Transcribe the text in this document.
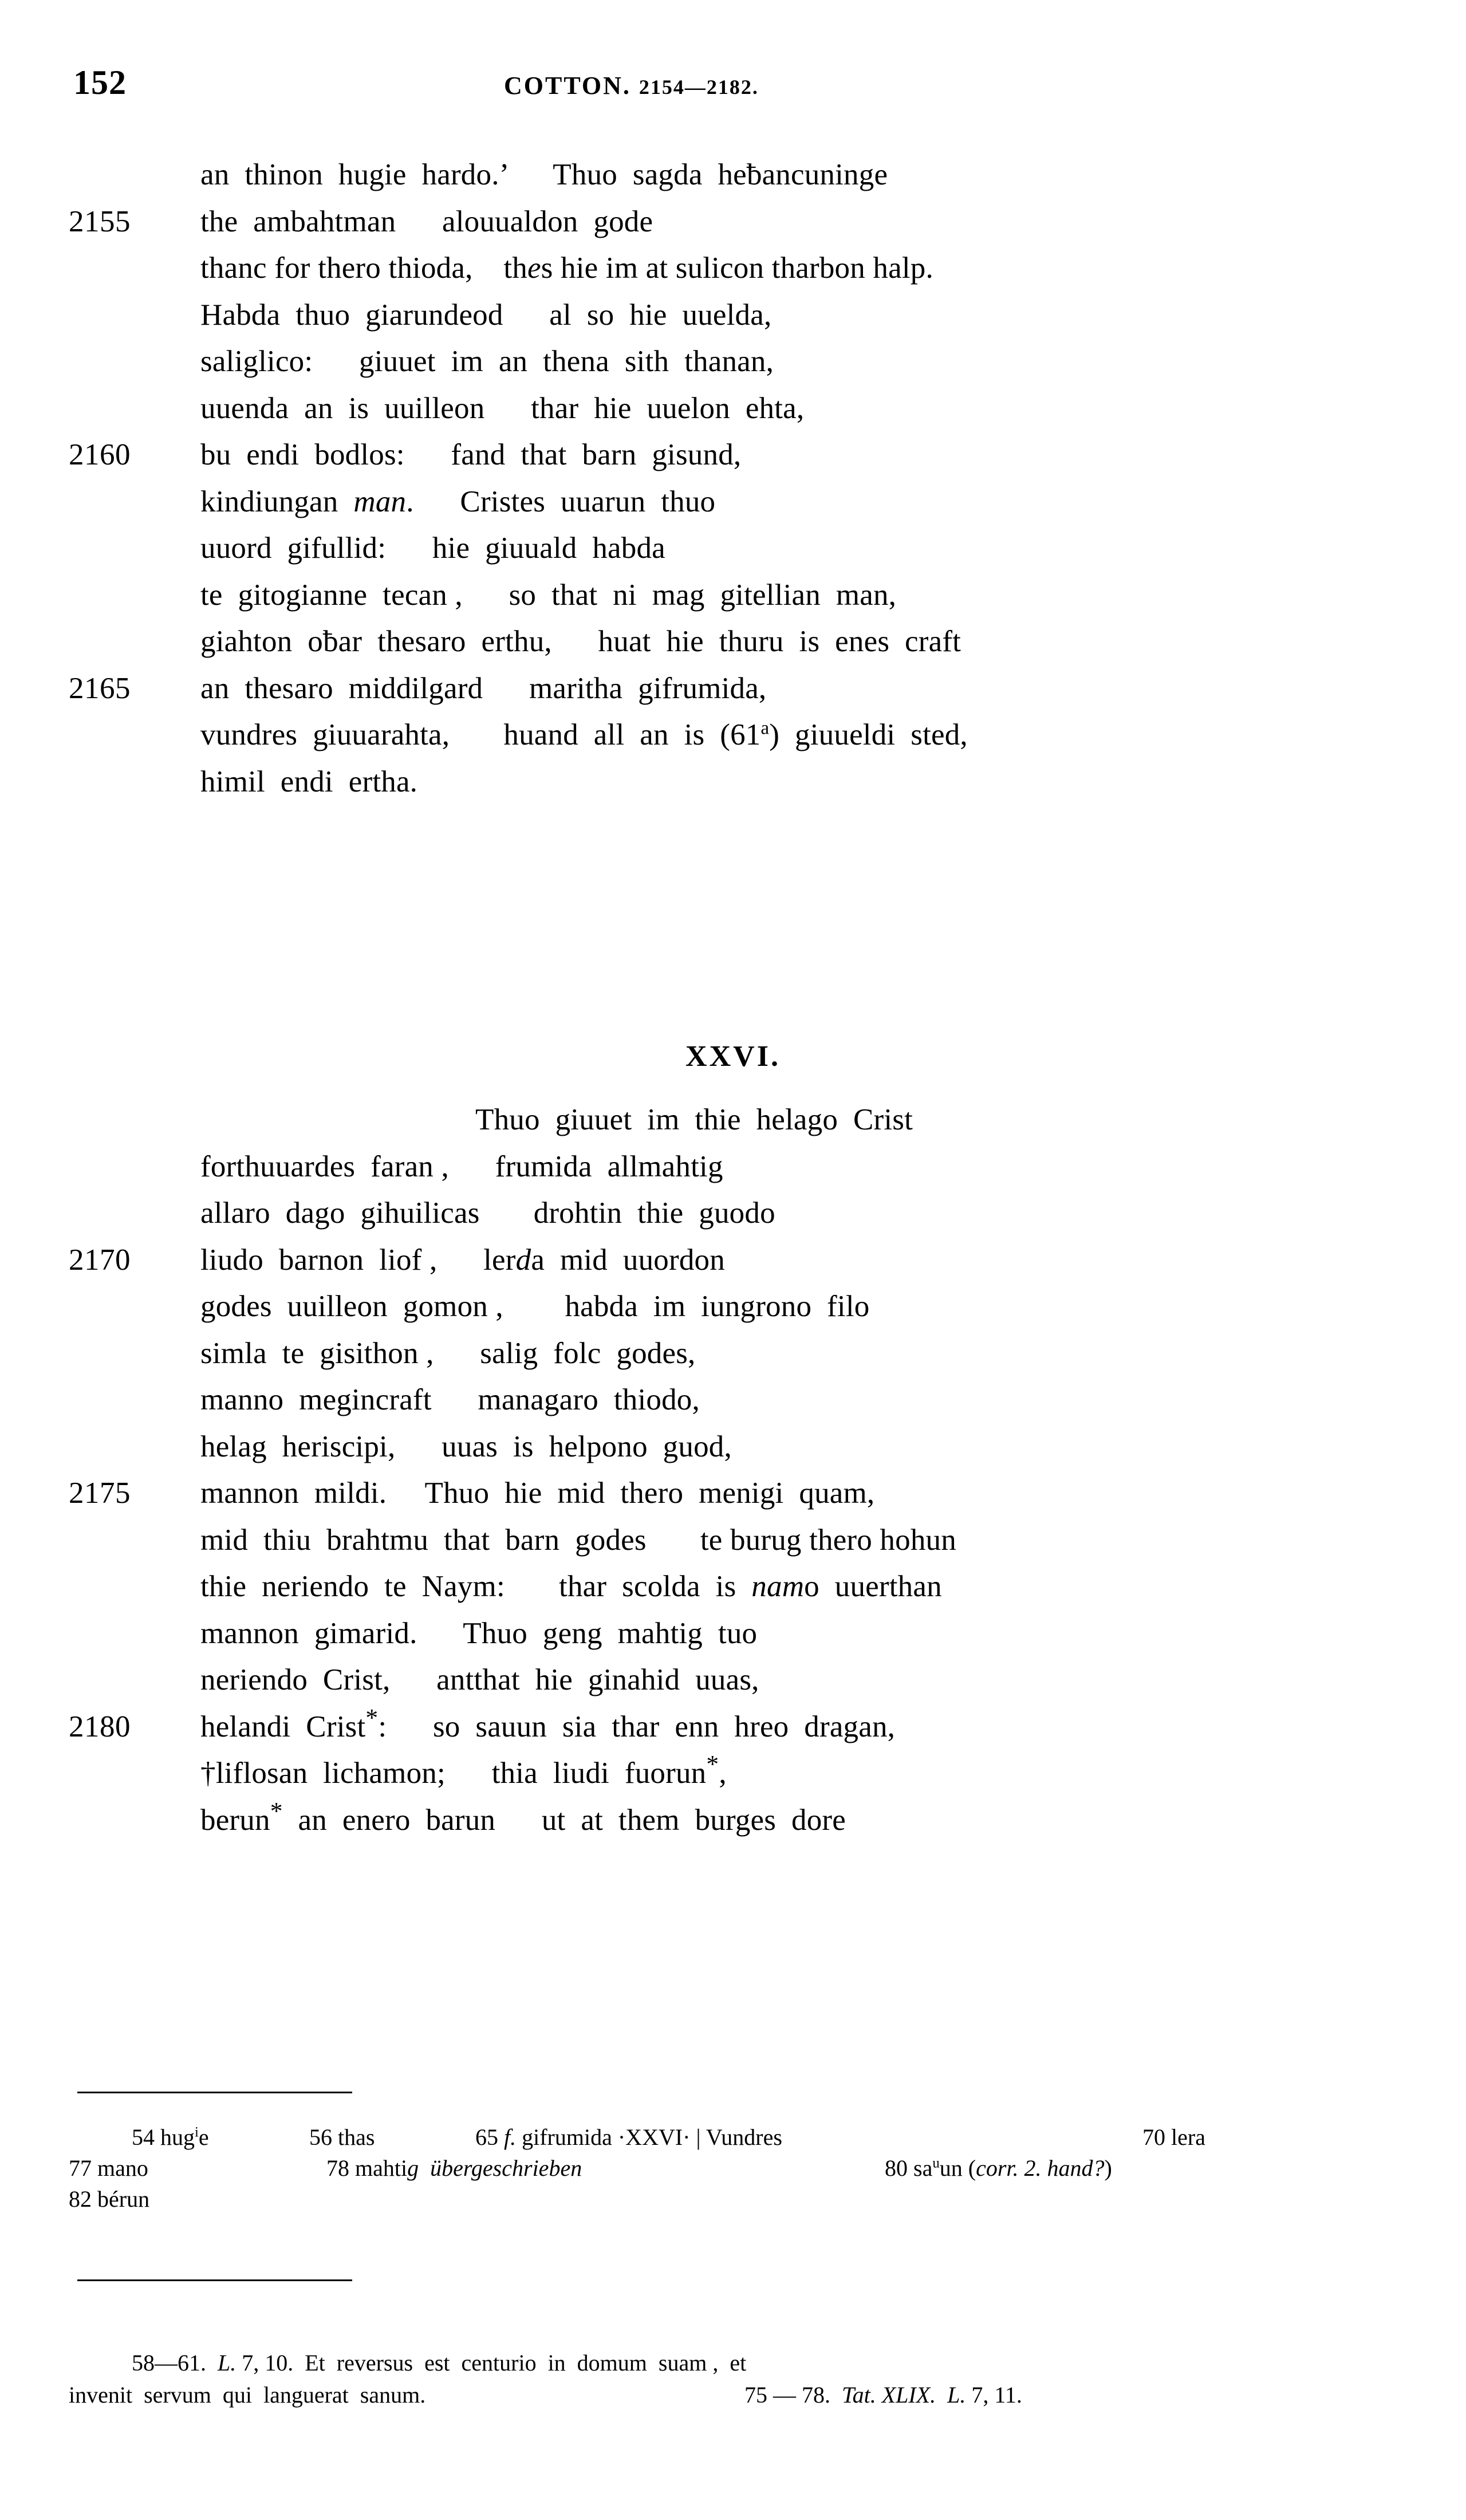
152	COTTON. 2154—2182.
an  thinon  hugie  hardo.’      Thuo  sagda  heƀancuninge
2155	the  ambahtman      alouualdon  gode
thanc for thero thioda,    thes hie im at sulicon tharbon halp.
Habda  thuo  giarundeod      al  so  hie  uuelda,
saliglico:      giuuet  im  an  thena  sith  thanan,
uuenda  an  is  uuilleon      thar  hie  uuelon  ehta,
2160	bu  endi  bodlos:      fand  that  barn  gisund,
kindiungan  man.      Cristes  uuarun  thuo
uuord  gifullid:      hie  giuuald  habda
te  gitogianne  tecan ,      so  that  ni  mag  gitellian  man,
giahton  oƀar  thesaro  erthu,      huat  hie  thuru  is  enes  craft
2165	an  thesaro  middilgard      maritha  gifrumida,
vundres  giuuarahta,       huand  all  an  is  (61$^a$)  giuueldi  sted,
himil  endi  ertha.
XXVI.
Thuo  giuuet  im  thie  helago  Crist
forthuuardes  faran ,      frumida  allmahtig
allaro  dago  gihuilicas       drohtin  thie  guodo
2170	liudo  barnon  liof ,      lerda  mid  uuordon
godes  uuilleon  gomon ,        habda  im  iungrono  filo
simla  te  gisithon ,      salig  folc  godes,
manno  megincraft      managaro  thiodo,
helag  heriscipi,      uuas  is  helpono  guod,
2175	mannon  mildi.     Thuo  hie  mid  thero  menigi  quam,
mid  thiu  brahtmu  that  barn  godes       te burug thero hohun
thie  neriendo  te  Naym:       thar  scolda  is  namo  uuerthan
mannon  gimarid.      Thuo  geng  mahtig  tuo
neriendo  Crist,      antthat  hie  ginahid  uuas,
2180	helandi  Crist*:      so  sauun  sia  thar  enn  hreo  dragan,
†liflosan  lichamon;      thia  liudi  fuorun*,
berun*  an  enero  barun      ut  at  them  burges  dore
54 hug$^i$e	56 thas	65 f. gifrumida ·XXVI· | Vundres	70 lera
77 mano	78 mahtig übergeschrieben	80 $sa^uun$ (corr. 2. hand?)
82 bérun
58—61.  L. 7, 10.  Et  reversus  est  centurio  in  domum  suam ,  et
invenit  servum  qui  languerat  sanum.	75 — 78.  Tat. XLIX. L. 7, 11.
